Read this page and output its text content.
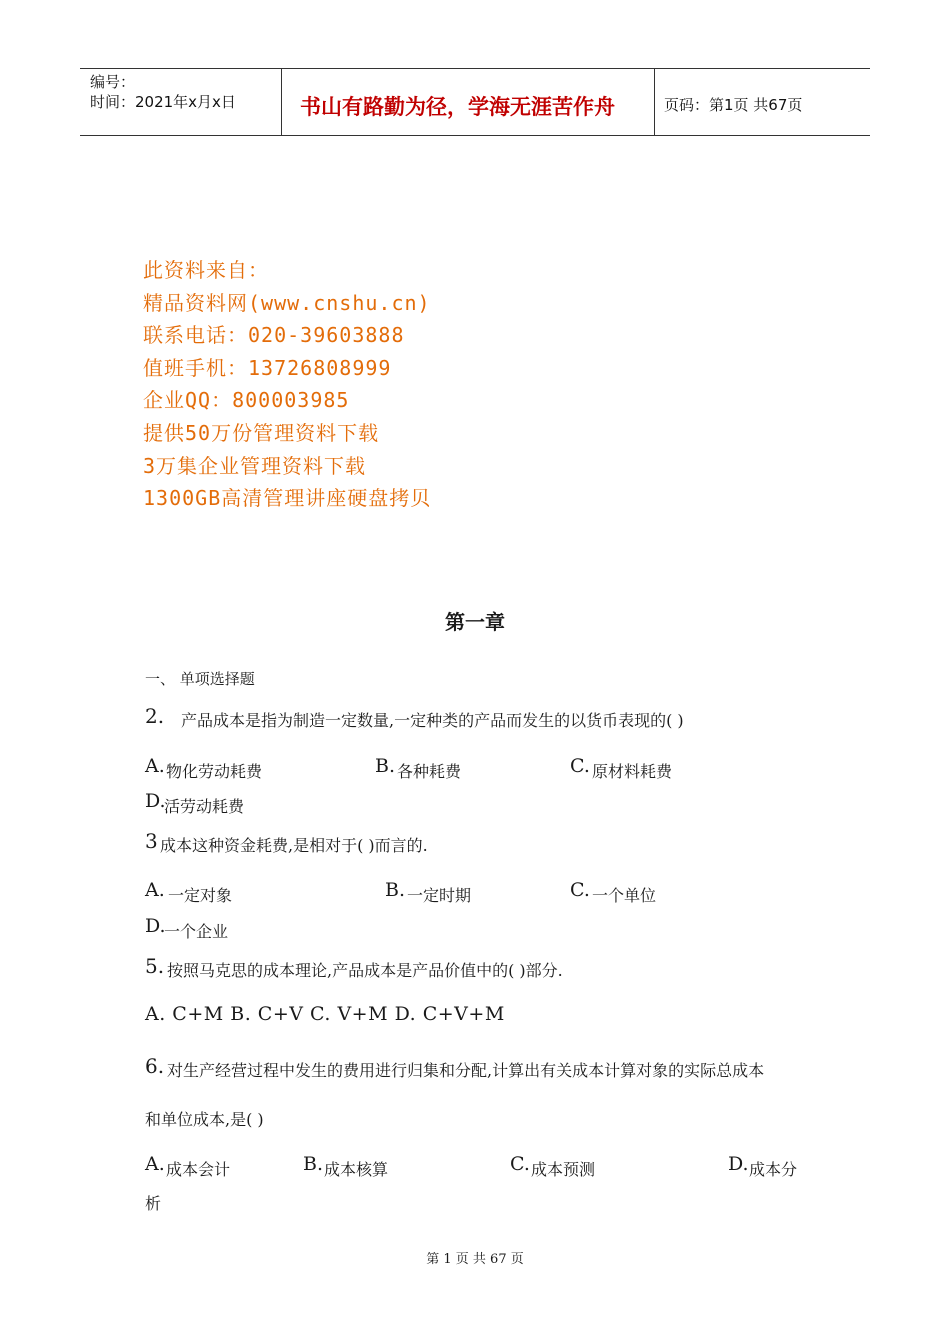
编号：
时间：2021年x月x日	书山有路勤为径，学海无涯苦作舟	页码：第1页 共67页
此资料来自：
精品资料网(www.cnshu.cn)
联系电话：020-39603888
值班手机：13726808999
企业QQ：800003985
提供50万份管理资料下载
3万集企业管理资料下载
1300GB高清管理讲座硬盘拷贝
第一章
一、 单项选择题
2. 产品成本是指为制造一定数量,一定种类的产品而发生的以货币表现的( )
A. 物化劳动耗费	B. 各种耗费	C. 原材料耗费
D.
活劳动耗费
3 成本这种资金耗费,是相对于( )而言的.
A. 一定对象	B. 一定时期	C. 一个单位
D.
一个企业
5. 按照马克思的成本理论,产品成本是产品价值中的( )部分.
A. C+M B. C+V C. V+M D. C+V+M
6. 对生产经营过程中发生的费用进行归集和分配,计算出有关成本计算对象的实际总成本
和单位成本,是( )
A. 成本会计	B. 成本核算	C. 成本预测	D. 成本分
析
第 1 页 共 67 页
